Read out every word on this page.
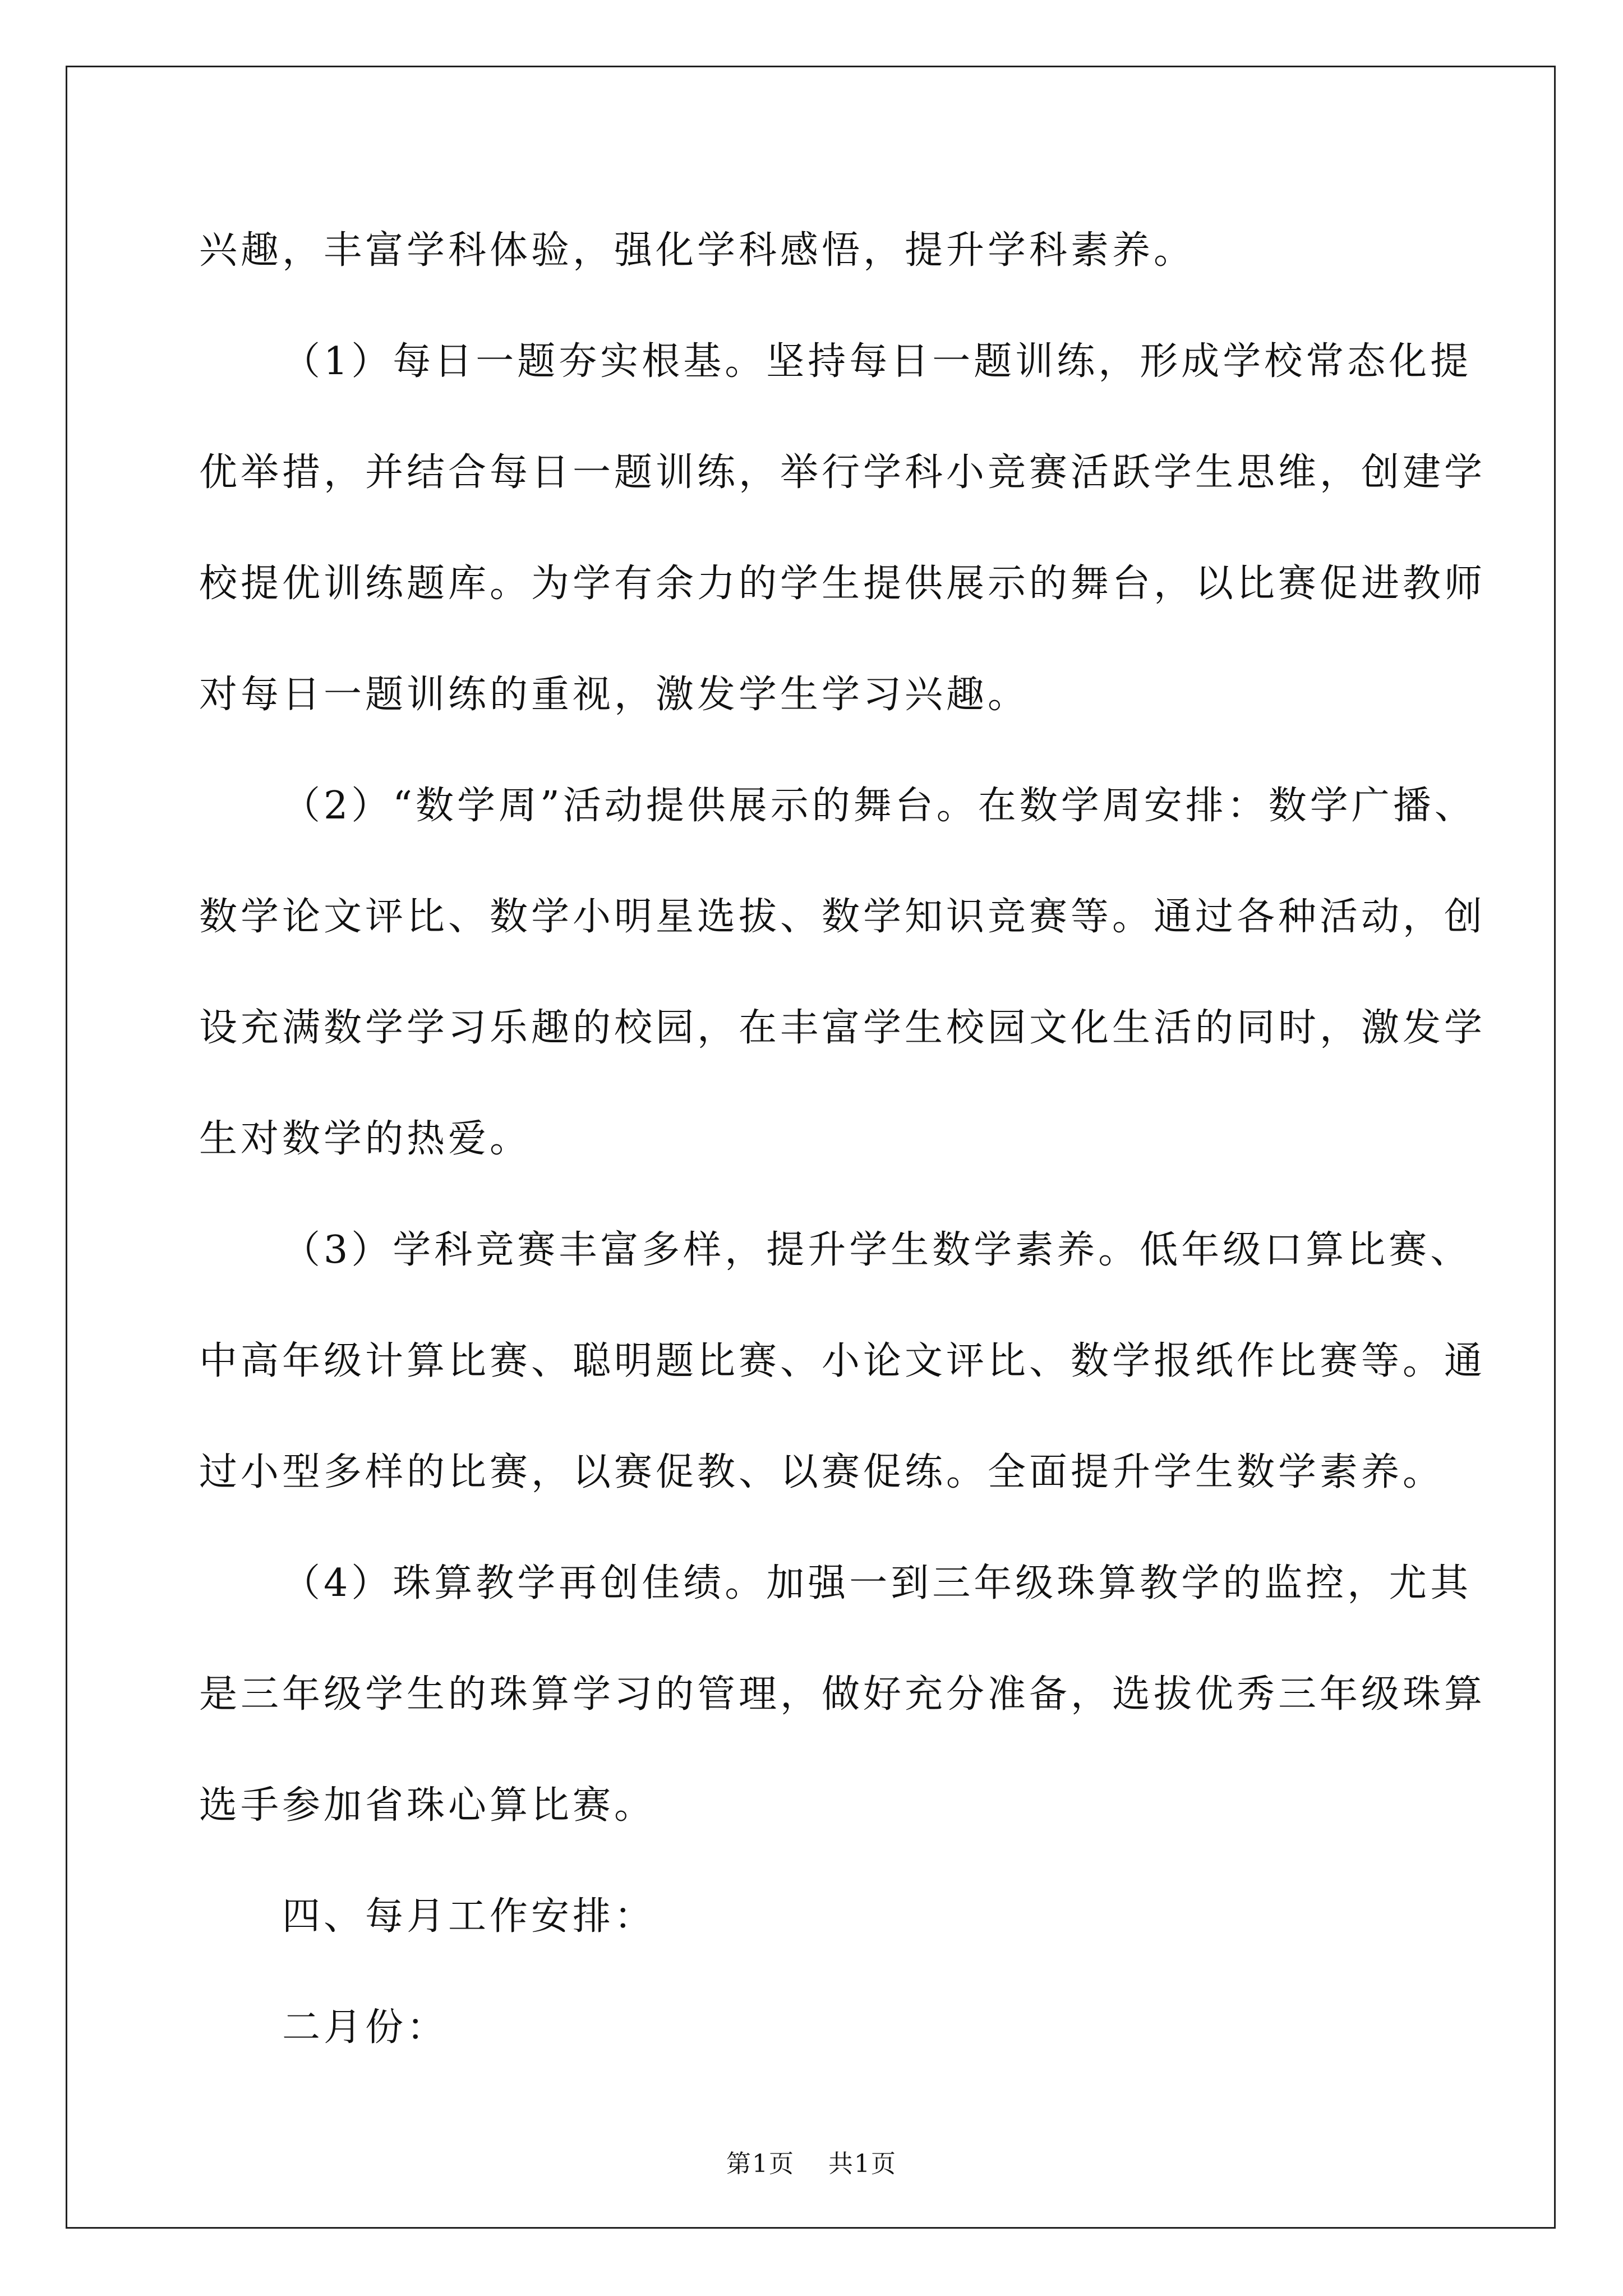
兴趣，丰富学科体验，强化学科感悟，提升学科素养。

（1）每日一题夯实根基。坚持每日一题训练，形成学校常态化提优举措，并结合每日一题训练，举行学科小竞赛活跃学生思维，创建学校提优训练题库。为学有余力的学生提供展示的舞台，以比赛促进教师对每日一题训练的重视，激发学生学习兴趣。

（2）“数学周”活动提供展示的舞台。在数学周安排：数学广播、数学论文评比、数学小明星选拔、数学知识竞赛等。通过各种活动，创设充满数学学习乐趣的校园，在丰富学生校园文化生活的同时，激发学生对数学的热爱。

（3）学科竞赛丰富多样，提升学生数学素养。低年级口算比赛、中高年级计算比赛、聪明题比赛、小论文评比、数学报纸作比赛等。通过小型多样的比赛，以赛促教、以赛促练。全面提升学生数学素养。

（4）珠算教学再创佳绩。加强一到三年级珠算教学的监控，尤其是三年级学生的珠算学习的管理，做好充分准备，选拔优秀三年级珠算选手参加省珠心算比赛。

四、每月工作安排：

二月份：

第1页 共1页
